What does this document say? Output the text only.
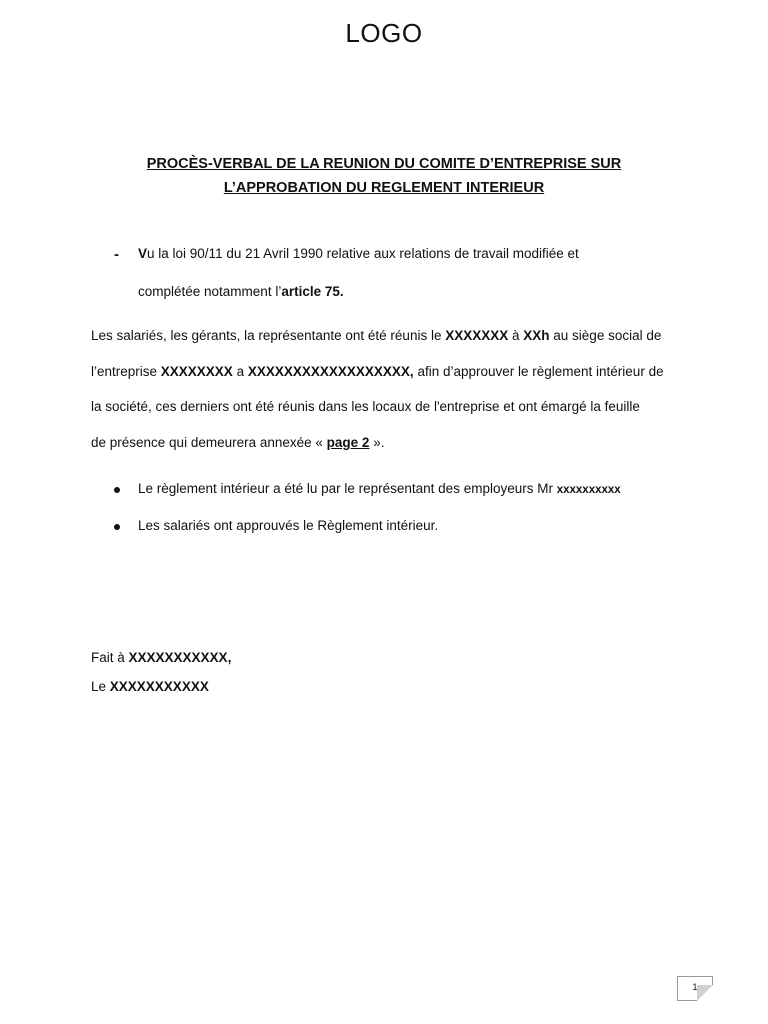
LOGO
PROCÈS-VERBAL DE LA REUNION DU COMITE D’ENTREPRISE SUR
L’APPROBATION DU REGLEMENT INTERIEUR
- Vu la loi 90/11 du 21 Avril 1990 relative aux relations de travail modifiée et
complétée notamment l’article 75.
Les salariés, les gérants, la représentante ont été réunis le XXXXXXX à XXh au siège social de
l’entreprise XXXXXXXX a XXXXXXXXXXXXXXXXXX, afin d’approuver le règlement intérieur de
la société, ces derniers ont été réunis dans les locaux de l'entreprise et ont émargé la feuille
de présence qui demeurera annexée « page 2 ».
Le règlement intérieur a été lu par le représentant des employeurs Mr xxxxxxxxxx
Les salariés ont approuvés le Règlement intérieur.
Fait à XXXXXXXXXXX,
Le XXXXXXXXXXX
1
